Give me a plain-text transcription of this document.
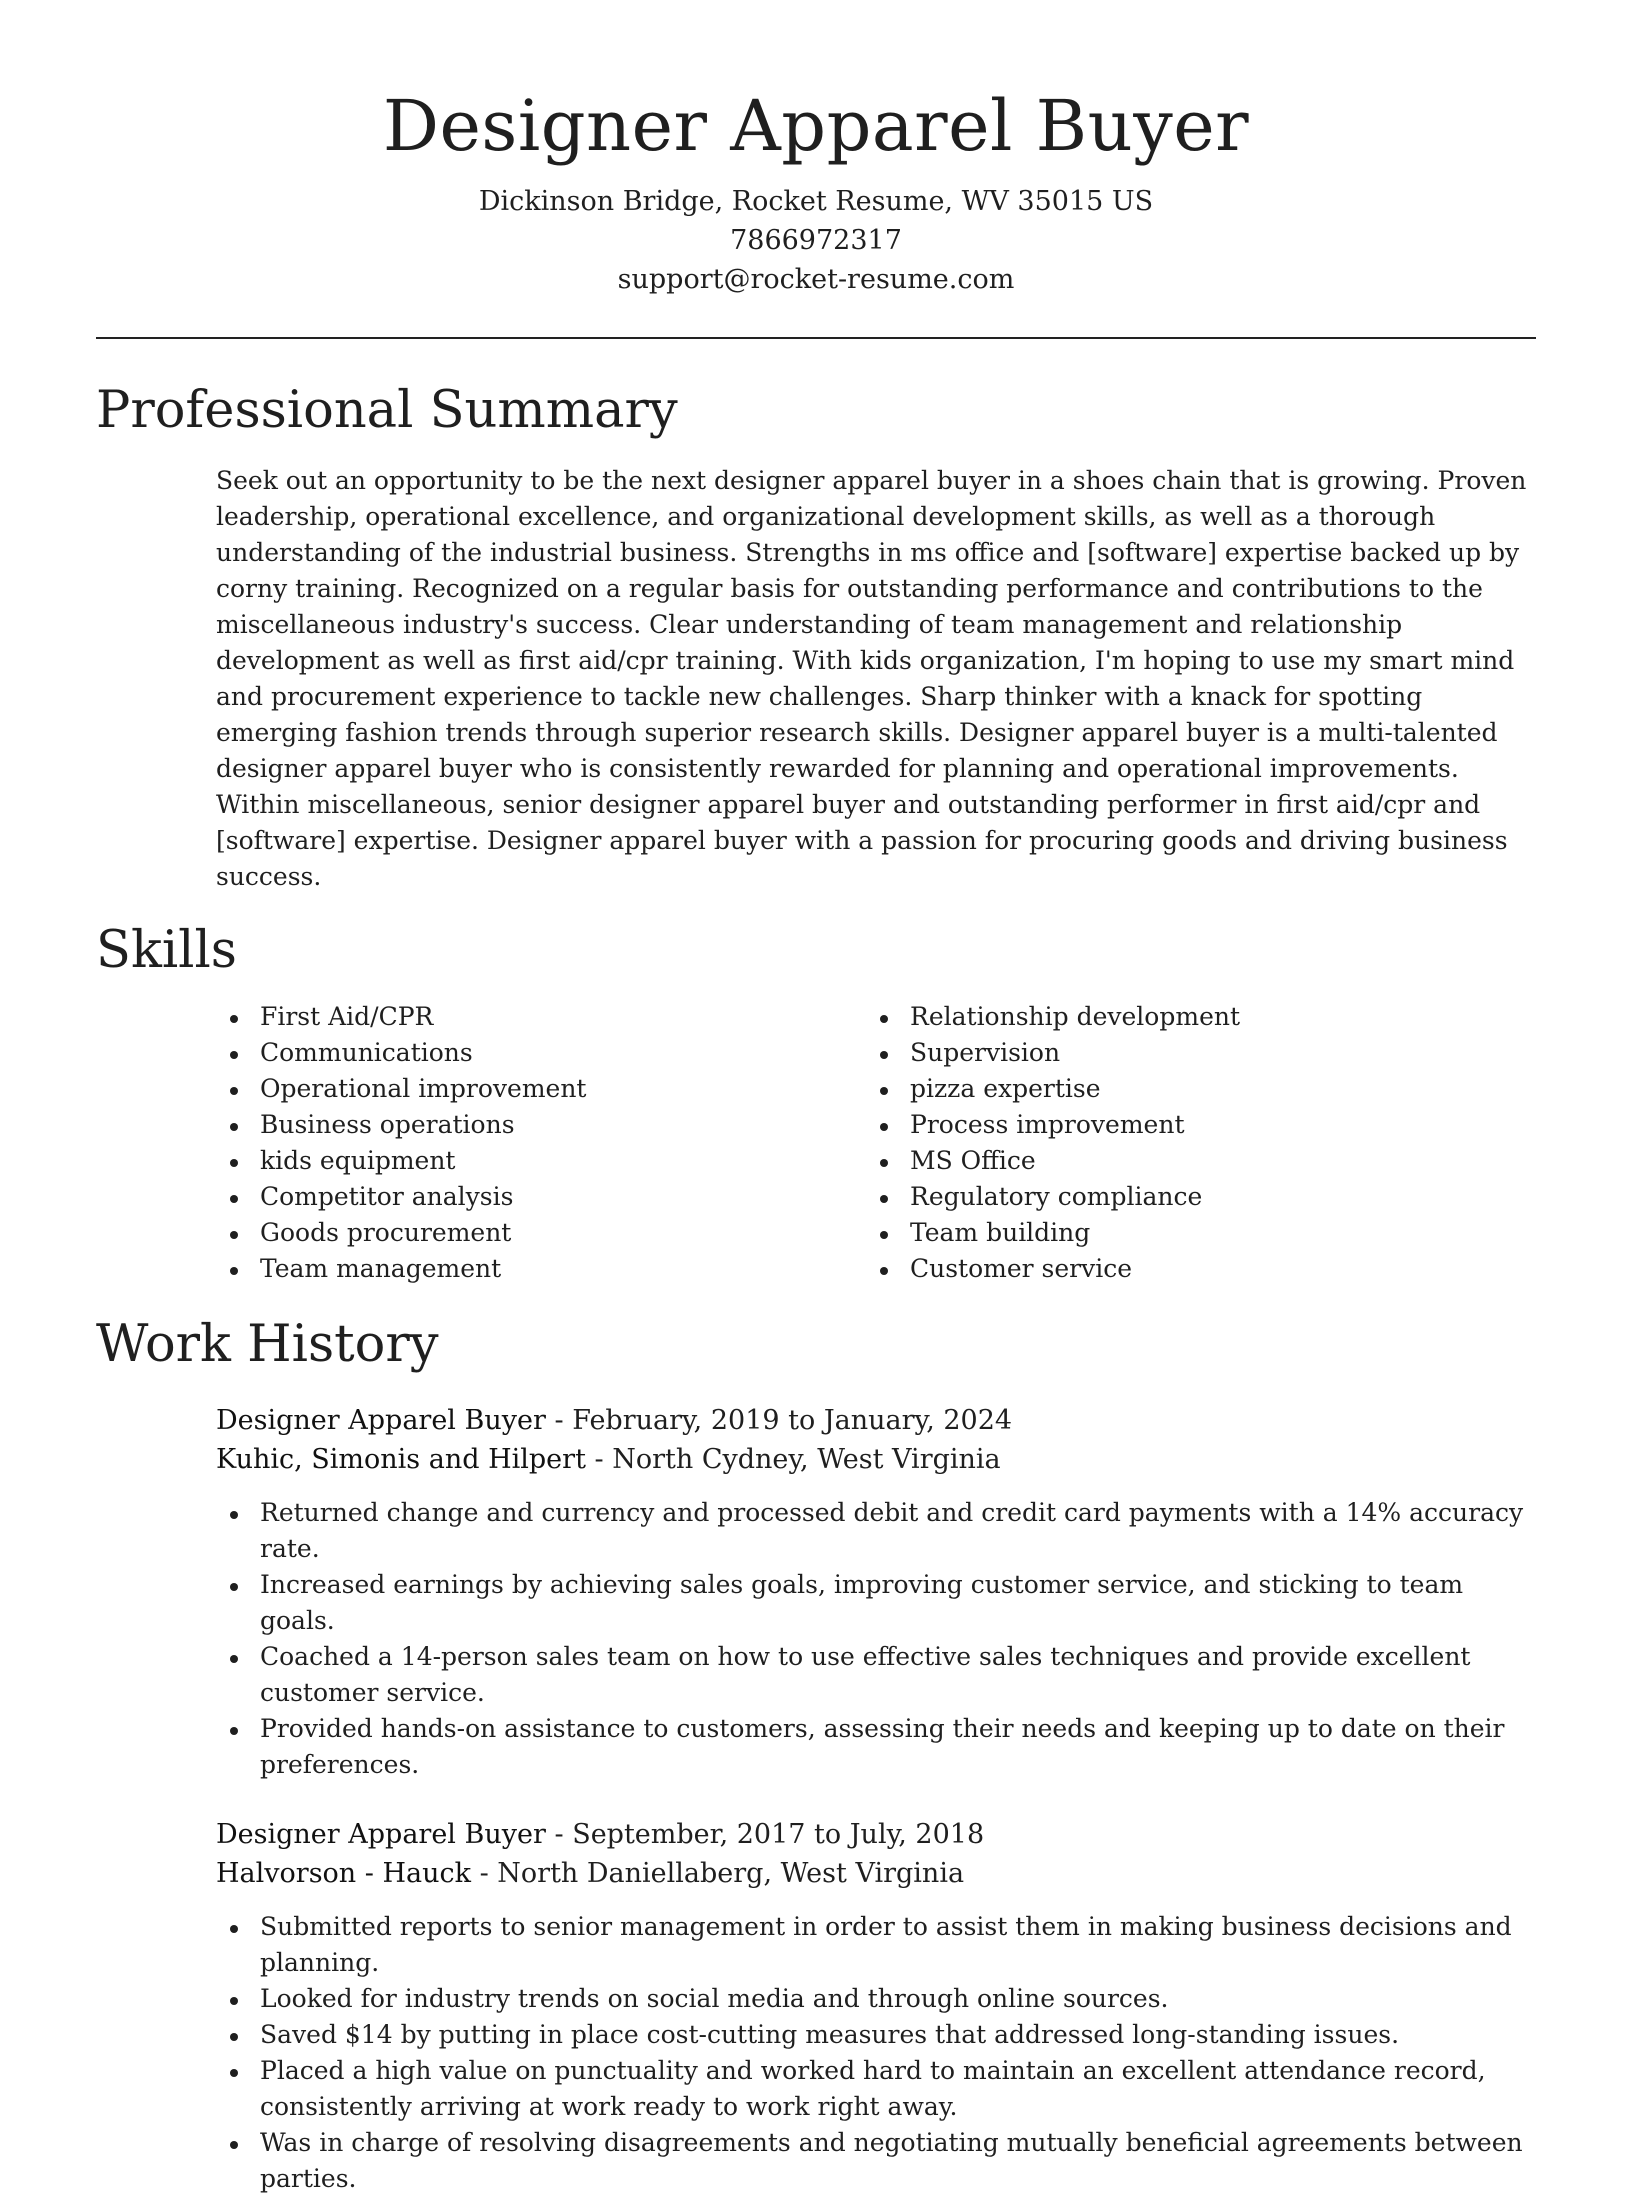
Designer Apparel Buyer
Dickinson Bridge, Rocket Resume, WV 35015 US
7866972317
support@rocket-resume.com
Professional Summary

Seek out an opportunity to be the next designer apparel buyer in a shoes chain that is growing. Proven leadership, operational excellence, and organizational development skills, as well as a thorough understanding of the industrial business. Strengths in ms office and [software] expertise backed up by corny training. Recognized on a regular basis for outstanding performance and contributions to the miscellaneous industry's success. Clear understanding of team management and relationship development as well as first aid/cpr training. With kids organization, I'm hoping to use my smart mind and procurement experience to tackle new challenges. Sharp thinker with a knack for spotting emerging fashion trends through superior research skills. Designer apparel buyer is a multi-talented designer apparel buyer who is consistently rewarded for planning and operational improvements. Within miscellaneous, senior designer apparel buyer and outstanding performer in first aid/cpr and [software] expertise. Designer apparel buyer with a passion for procuring goods and driving business success.

Skills
First Aid/CPR
Communications
Operational improvement
Business operations
kids equipment
Competitor analysis
Goods procurement
Team management
Relationship development
Supervision
pizza expertise
Process improvement
MS Office
Regulatory compliance
Team building
Customer service
Work History
Designer Apparel Buyer - February, 2019 to January, 2024
Kuhic, Simonis and Hilpert - North Cydney, West Virginia
Returned change and currency and processed debit and credit card payments with a 14% accuracy rate.
Increased earnings by achieving sales goals, improving customer service, and sticking to team goals.
Coached a 14-person sales team on how to use effective sales techniques and provide excellent customer service.
Provided hands-on assistance to customers, assessing their needs and keeping up to date on their preferences.
Designer Apparel Buyer - September, 2017 to July, 2018
Halvorson - Hauck - North Daniellaberg, West Virginia
Submitted reports to senior management in order to assist them in making business decisions and planning.
Looked for industry trends on social media and through online sources.
Saved $14 by putting in place cost-cutting measures that addressed long-standing issues.
Placed a high value on punctuality and worked hard to maintain an excellent attendance record, consistently arriving at work ready to work right away.
Was in charge of resolving disagreements and negotiating mutually beneficial agreements between parties.
